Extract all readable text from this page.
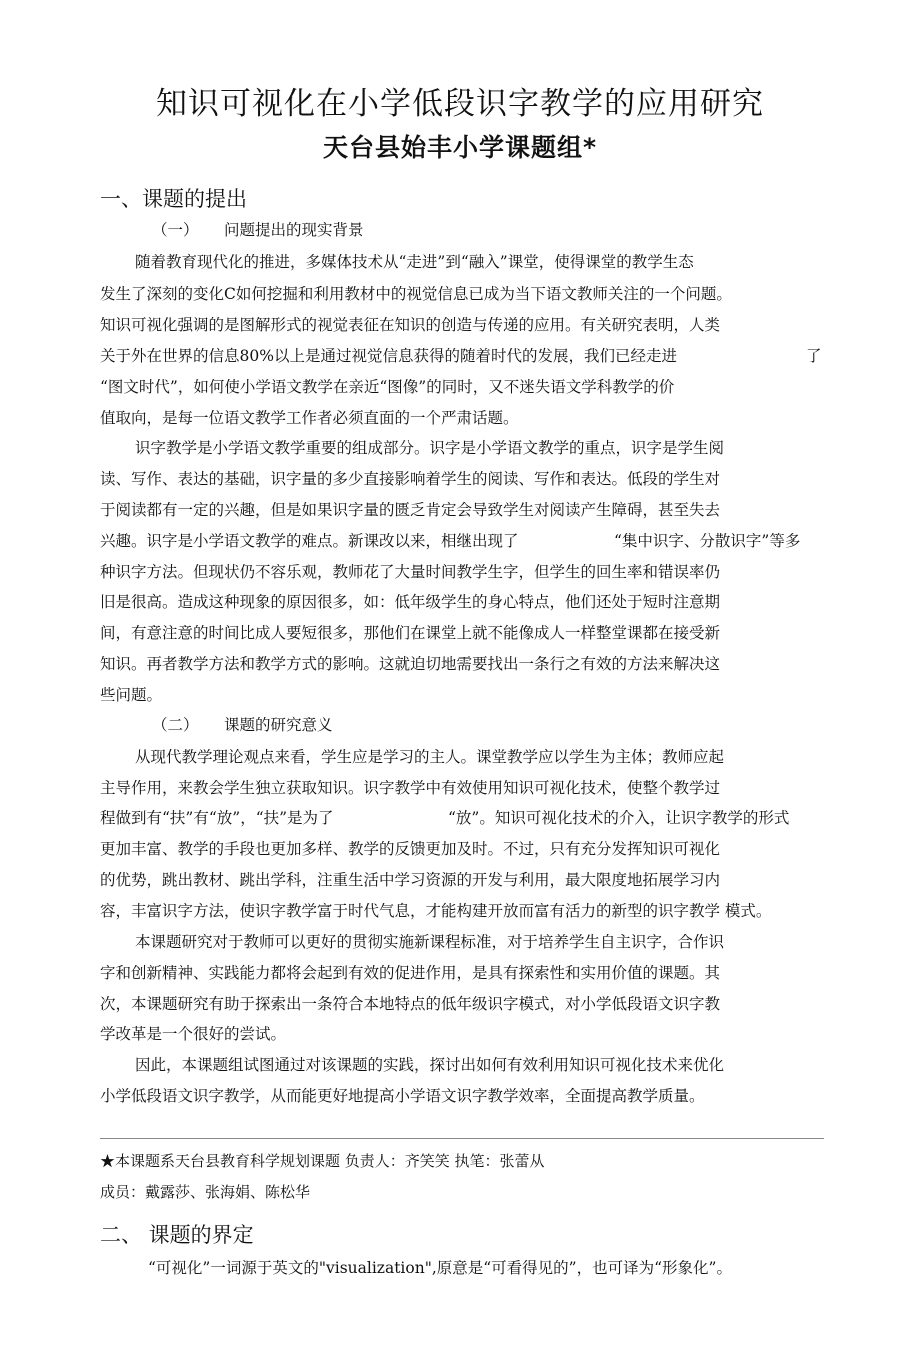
知识可视化在小学低段识字教学的应用研究
天台县始丰小学课题组*
一、课题的提出
（一） 问题提出的现实背景
随着教育现代化的推进，多媒体技术从“走进”到“融入”课堂，使得课堂的教学生态
发生了深刻的变化C如何挖掘和利用教材中的视觉信息已成为当下语文教师关注的一个问题。
知识可视化强调的是图解形式的视觉表征在知识的创造与传递的应用。有关研究表明，人类
关于外在世界的信息80%以上是通过视觉信息获得的随着时代的发展，我们已经走进	了
“图文时代”，如何使小学语文教学在亲近“图像”的同时，又不迷失语文学科教学的价
值取向，是每一位语文教学工作者必须直面的一个严肃话题。
识字教学是小学语文教学重要的组成部分。识字是小学语文教学的重点，识字是学生阅
读、写作、表达的基础，识字量的多少直接影响着学生的阅读、写作和表达。低段的学生对
于阅读都有一定的兴趣，但是如果识字量的匮乏肯定会导致学生对阅读产生障碍，甚至失去
兴趣。识字是小学语文教学的难点。新课改以来，相继出现了	“集中识字、分散识字”等多
种识字方法。但现状仍不容乐观，教师花了大量时间教学生字，但学生的回生率和错误率仍
旧是很高。造成这种现象的原因很多，如：低年级学生的身心特点，他们还处于短时注意期
间，有意注意的时间比成人要短很多，那他们在课堂上就不能像成人一样整堂课都在接受新
知识。再者教学方法和教学方式的影响。这就迫切地需要找出一条行之有效的方法来解决这
些问题。
（二） 课题的研究意义
从现代教学理论观点来看，学生应是学习的主人。课堂教学应以学生为主体；教师应起
主导作用，来教会学生独立获取知识。识字教学中有效使用知识可视化技术，使整个教学过
程做到有“扶”有“放”，“扶”是为了	“放”。知识可视化技术的介入，让识字教学的形式
更加丰富、教学的手段也更加多样、教学的反馈更加及时。不过，只有充分发挥知识可视化
的优势，跳出教材、跳出学科，注重生活中学习资源的开发与利用，最大限度地拓展学习内
容，丰富识字方法，使识字教学富于时代气息，才能构建开放而富有活力的新型的识字教学 模式。
本课题研究对于教师可以更好的贯彻实施新课程标准，对于培养学生自主识字，合作识
字和创新精神、实践能力都将会起到有效的促进作用，是具有探索性和实用价值的课题。其
次，本课题研究有助于探索出一条符合本地特点的低年级识字模式，对小学低段语文识字教
学改革是一个很好的尝试。
因此，本课题组试图通过对该课题的实践，探讨出如何有效利用知识可视化技术来优化
小学低段语文识字教学，从而能更好地提高小学语文识字教学效率，全面提高教学质量。
★本课题系天台县教育科学规划课题 负责人：齐笑笑 执笔：张蕾从
成员：戴露莎、张海娟、陈松华
二、 课题的界定
“可视化”一词源于英文的"visualization",原意是“可看得见的”，也可译为“形象化”。
